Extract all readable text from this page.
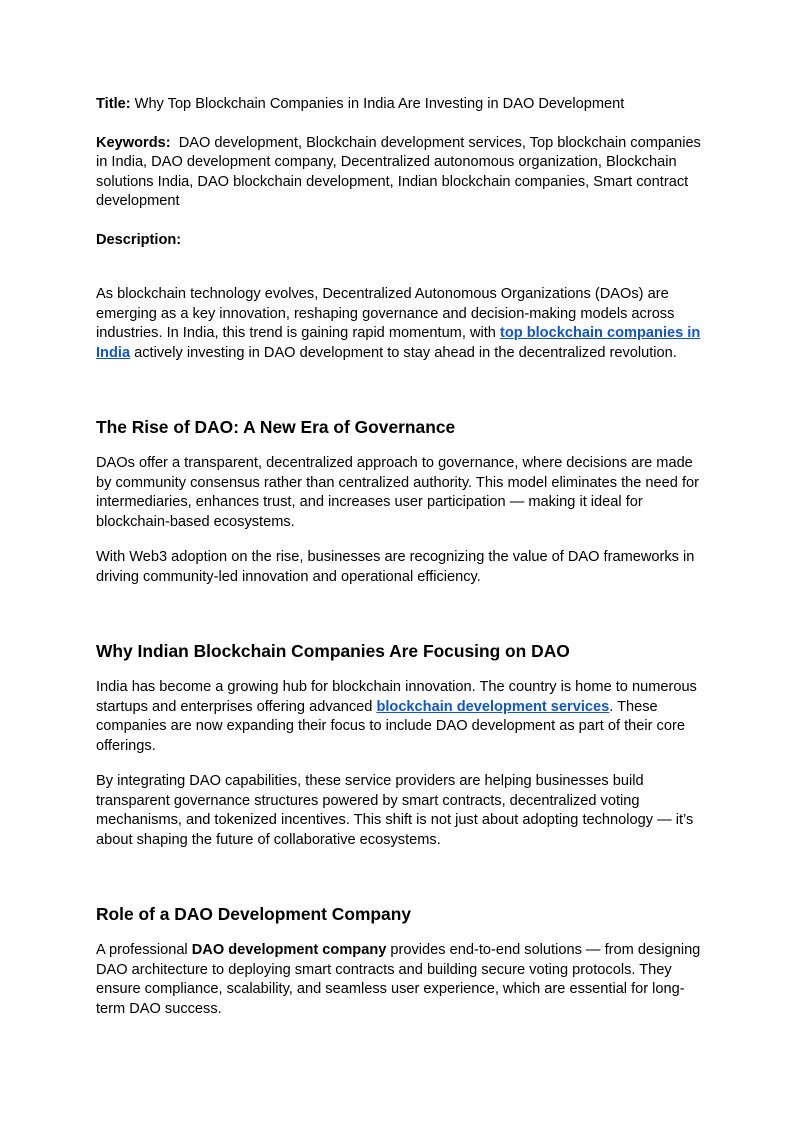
Title: Why Top Blockchain Companies in India Are Investing in DAO Development

Keywords:  DAO development, Blockchain development services, Top blockchain companies in India, DAO development company, Decentralized autonomous organization, Blockchain solutions India, DAO blockchain development, Indian blockchain companies, Smart contract development

Description:

As blockchain technology evolves, Decentralized Autonomous Organizations (DAOs) are emerging as a key innovation, reshaping governance and decision-making models across industries. In India, this trend is gaining rapid momentum, with top blockchain companies in India actively investing in DAO development to stay ahead in the decentralized revolution.

The Rise of DAO: A New Era of Governance

DAOs offer a transparent, decentralized approach to governance, where decisions are made by community consensus rather than centralized authority. This model eliminates the need for intermediaries, enhances trust, and increases user participation — making it ideal for blockchain-based ecosystems.

With Web3 adoption on the rise, businesses are recognizing the value of DAO frameworks in driving community-led innovation and operational efficiency.

Why Indian Blockchain Companies Are Focusing on DAO

India has become a growing hub for blockchain innovation. The country is home to numerous startups and enterprises offering advanced blockchain development services. These companies are now expanding their focus to include DAO development as part of their core offerings.

By integrating DAO capabilities, these service providers are helping businesses build transparent governance structures powered by smart contracts, decentralized voting mechanisms, and tokenized incentives. This shift is not just about adopting technology — it’s about shaping the future of collaborative ecosystems.

Role of a DAO Development Company

A professional DAO development company provides end-to-end solutions — from designing DAO architecture to deploying smart contracts and building secure voting protocols. They ensure compliance, scalability, and seamless user experience, which are essential for long-term DAO success.
